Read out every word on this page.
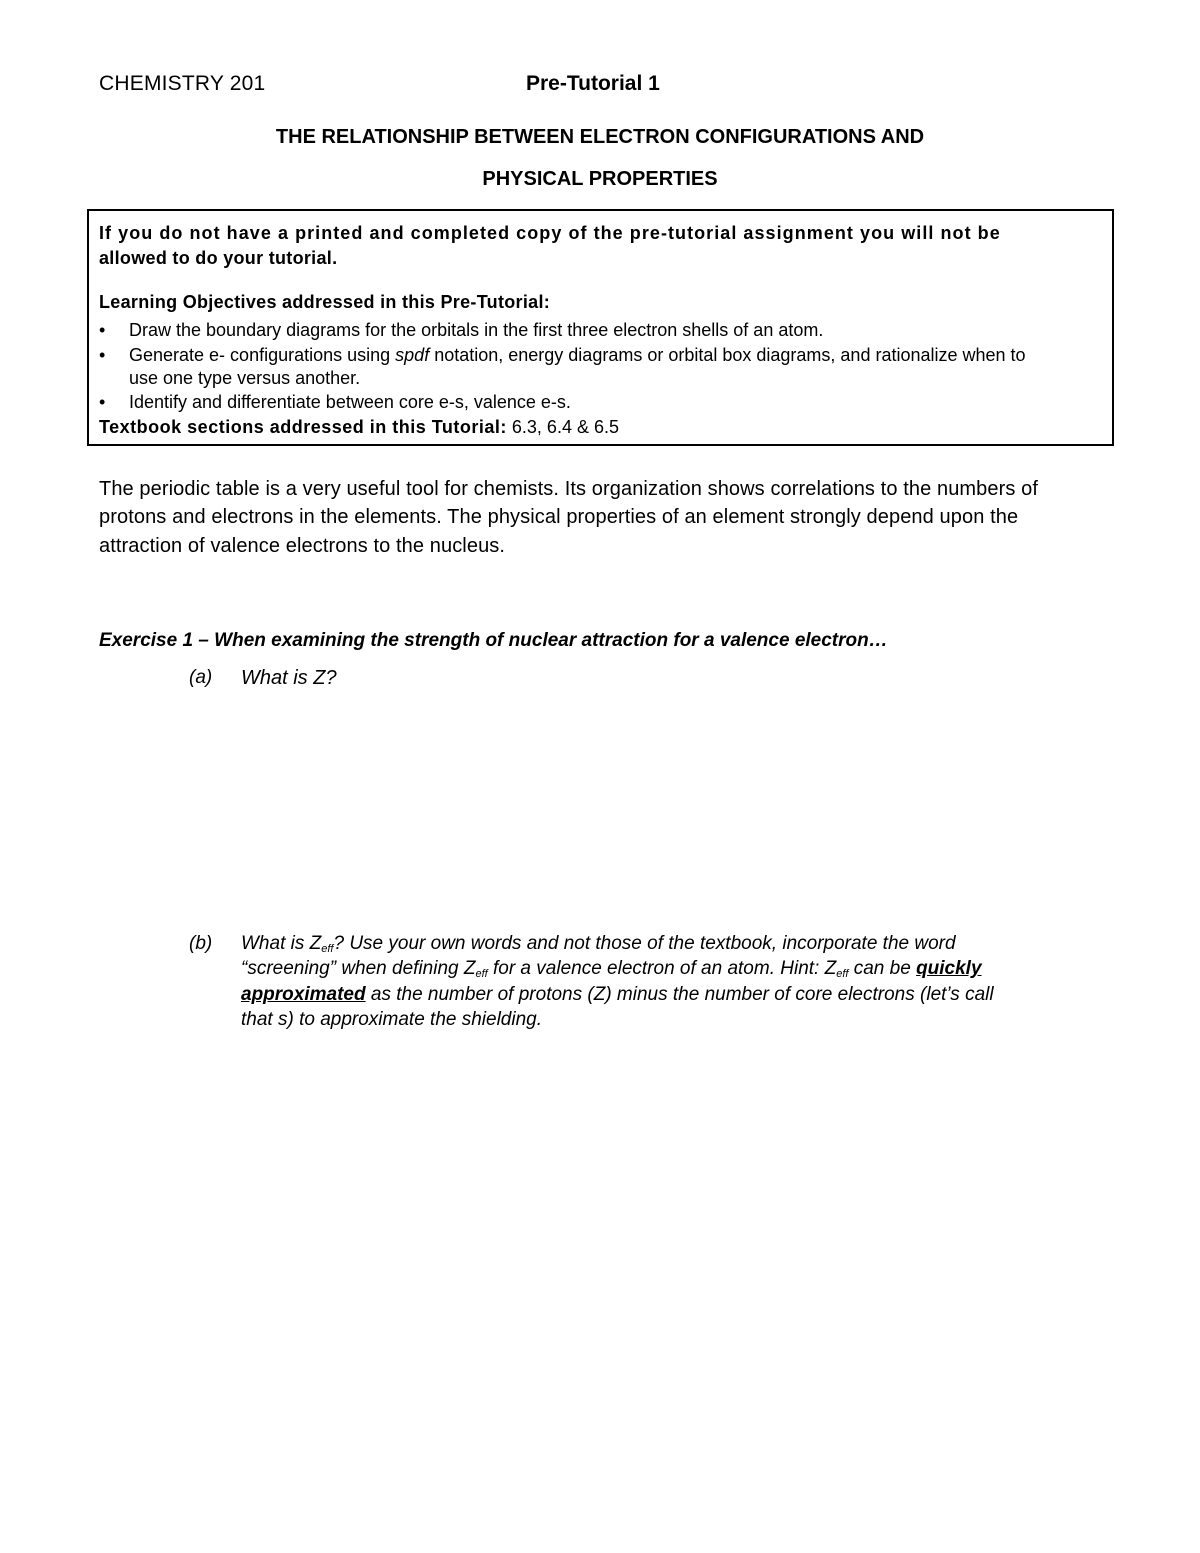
CHEMISTRY 201	Pre-Tutorial 1
THE RELATIONSHIP BETWEEN ELECTRON CONFIGURATIONS AND
PHYSICAL PROPERTIES
If you do not have a printed and completed copy of the pre-tutorial assignment you will not be
allowed to do your tutorial.
Learning Objectives addressed in this Pre-Tutorial:
• Draw the boundary diagrams for the orbitals in the first three electron shells of an atom.
• Generate e- configurations using spdf notation, energy diagrams or orbital box diagrams, and rationalize when to
use one type versus another.
• Identify and differentiate between core e-s, valence e-s.
Textbook sections addressed in this Tutorial: 6.3, 6.4 & 6.5
The periodic table is a very useful tool for chemists. Its organization shows correlations to the numbers of
protons and electrons in the elements. The physical properties of an element strongly depend upon the
attraction of valence electrons to the nucleus.
Exercise 1 – When examining the strength of nuclear attraction for a valence electron…
(a) What is Z?
(b) What is $Z_{eff}$? Use your own words and not those of the textbook, incorporate the word
“screening” when defining $Z_{eff}$ for a valence electron of an atom. Hint: $Z_{eff}$ can be quickly
approximated as the number of protons (Z) minus the number of core electrons (let’s call
that s) to approximate the shielding.
